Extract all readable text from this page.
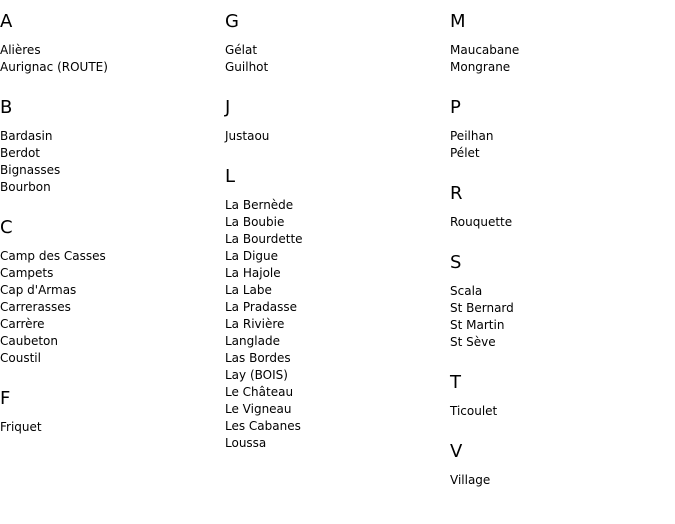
A
Alières
Aurignac (ROUTE)
B
Bardasin
Berdot
Bignasses
Bourbon
C
Camp des Casses
Campets
Cap d'Armas
Carrerasses
Carrère
Caubeton
Coustil
F
Friquet
G
Gélat
Guilhot
J
Justaou
L
La Bernède
La Boubie
La Bourdette
La Digue
La Hajole
La Labe
La Pradasse
La Rivière
Langlade
Las Bordes
Lay (BOIS)
Le Château
Le Vigneau
Les Cabanes
Loussa
M
Maucabane
Mongrane
P
Peilhan
Pélet
R
Rouquette
S
Scala
St Bernard
St Martin
St Sève
T
Ticoulet
V
Village
